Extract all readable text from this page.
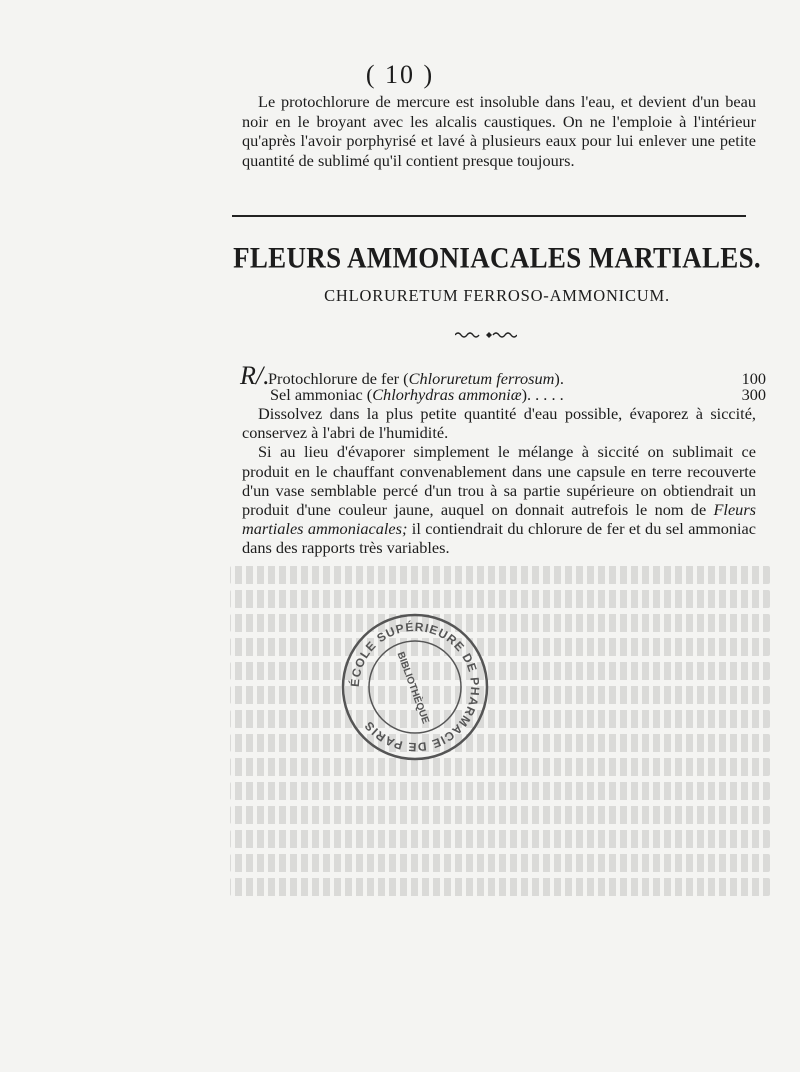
( 10 )

Le protochlorure de mercure est insoluble dans l'eau, et devient d'un beau noir en le broyant avec les alcalis caustiques. On ne l'emploie à l'intérieur qu'après l'avoir porphyrisé et lavé à plusieurs eaux pour lui enlever une petite quantité de sublimé qu'il contient presque toujours.

FLEURS AMMONIACALES MARTIALES.
CHLORURETUM FERROSO-AMMONICUM.
R/.
Protochlorure de fer (Chloruretum ferrosum).	100
Sel ammoniac (Chlorhydras ammoniæ). . . . .	300

Dissolvez dans la plus petite quantité d'eau possible, évaporez à siccité, conservez à l'abri de l'humidité.

Si au lieu d'évaporer simplement le mélange à siccité on sublimait ce produit en le chauffant convenablement dans une capsule en terre recouverte d'un vase semblable percé d'un trou à sa partie supérieure on obtiendrait un produit d'une couleur jaune, auquel on donnait autrefois le nom de Fleurs martiales ammoniacales; il contiendrait du chlorure de fer et du sel ammoniac dans des rapports très variables.

ÉCOLE SUPÉRIEURE DE PHARMACIE DE PARIS
BIBLIOTHÈQUE
